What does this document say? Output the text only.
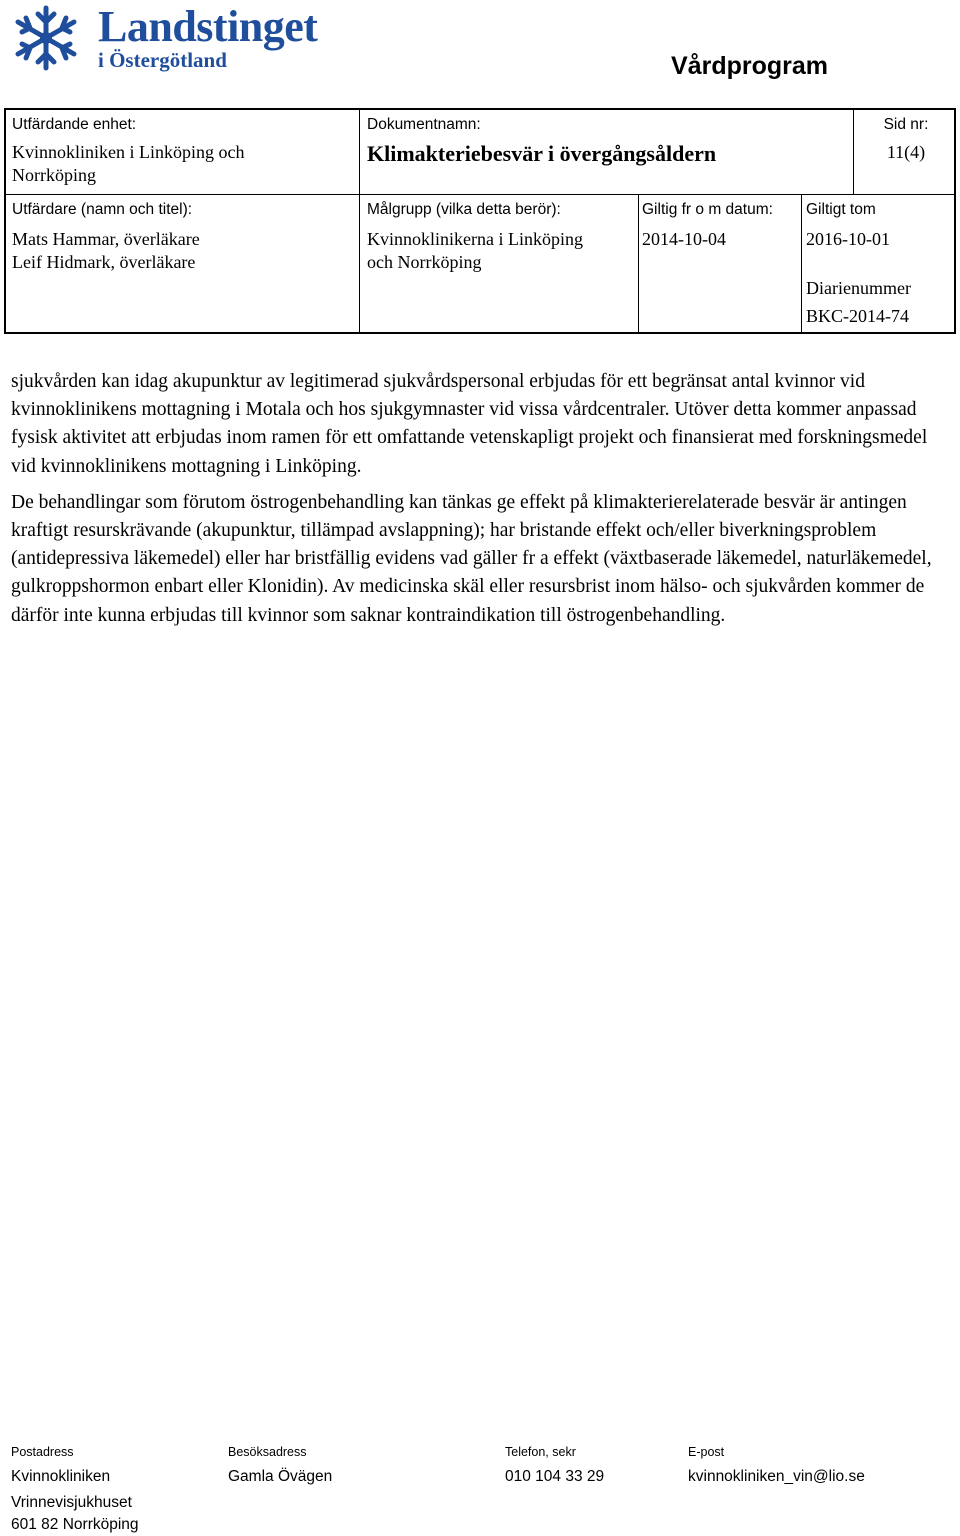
Landstinget
i Östergötland	Vårdprogram
Utfärdande enhet:
Kvinnokliniken i Linköping och
Norrköping
Dokumentnamn:
Klimakteriebesvär i övergångsåldern
Sid nr:
11(4)
Utfärdare (namn och titel):
Mats Hammar, överläkare
Leif Hidmark, överläkare
Målgrupp (vilka detta berör):
Kvinnoklinikerna i Linköping
och Norrköping
Giltig fr o m datum:
2014-10-04
Giltigt tom
2016-10-01
Diarienummer
BKC-2014-74

sjukvården kan idag akupunktur av legitimerad sjukvårdspersonal erbjudas för ett begränsat antal kvinnor vid kvinnoklinikens mottagning i Motala och hos sjukgymnaster vid vissa vårdcentraler. Utöver detta kommer anpassad fysisk aktivitet att erbjudas inom ramen för ett omfattande vetenskapligt projekt och finansierat med forskningsmedel vid kvinnoklinikens mottagning i Linköping.

De behandlingar som förutom östrogenbehandling kan tänkas ge effekt på klimakterierelaterade besvär är antingen kraftigt resurskrävande (akupunktur, tillämpad avslappning); har bristande effekt och/eller biverkningsproblem (antidepressiva läkemedel) eller har bristfällig evidens vad gäller fr a effekt (växtbaserade läkemedel, naturläkemedel, gulkroppshormon enbart eller Klonidin). Av medicinska skäl eller resursbrist inom hälso- och sjukvården kommer de därför inte kunna erbjudas till kvinnor som saknar kontraindikation till östrogenbehandling.

Postadress
Kvinnokliniken
Vrinnevisjukhuset
601 82 Norrköping
Besöksadress
Gamla Övägen
Telefon, sekr
010 104 33 29
E-post
kvinnokliniken_vin@lio.se
